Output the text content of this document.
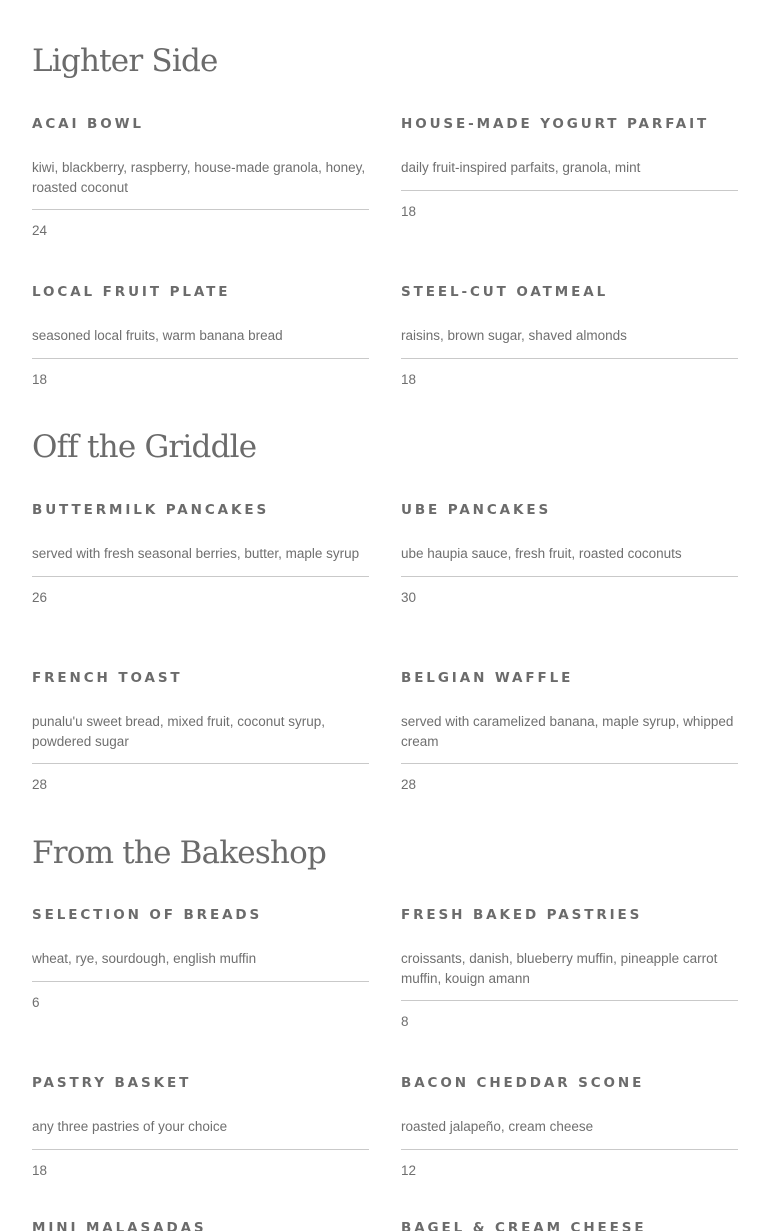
Lighter Side
ACAI BOWL
kiwi, blackberry, raspberry, house-made granola, honey, roasted coconut
24
HOUSE-MADE YOGURT PARFAIT
daily fruit-inspired parfaits, granola, mint
18
LOCAL FRUIT PLATE
seasoned local fruits, warm banana bread
18
STEEL-CUT OATMEAL
raisins, brown sugar, shaved almonds
18
Off the Griddle
BUTTERMILK PANCAKES
served with fresh seasonal berries, butter, maple syrup
26
UBE PANCAKES
ube haupia sauce, fresh fruit, roasted coconuts
30
FRENCH TOAST
punalu'u sweet bread, mixed fruit, coconut syrup, powdered sugar
28
BELGIAN WAFFLE
served with caramelized banana, maple syrup, whipped cream
28
From the Bakeshop
SELECTION OF BREADS
wheat, rye, sourdough, english muffin
6
FRESH BAKED PASTRIES
croissants, danish, blueberry muffin, pineapple carrot muffin, kouign amann
8
PASTRY BASKET
any three pastries of your choice
18
BACON CHEDDAR SCONE
roasted jalapeño, cream cheese
12
MINI MALASADAS	BAGEL & CREAM CHEESE
